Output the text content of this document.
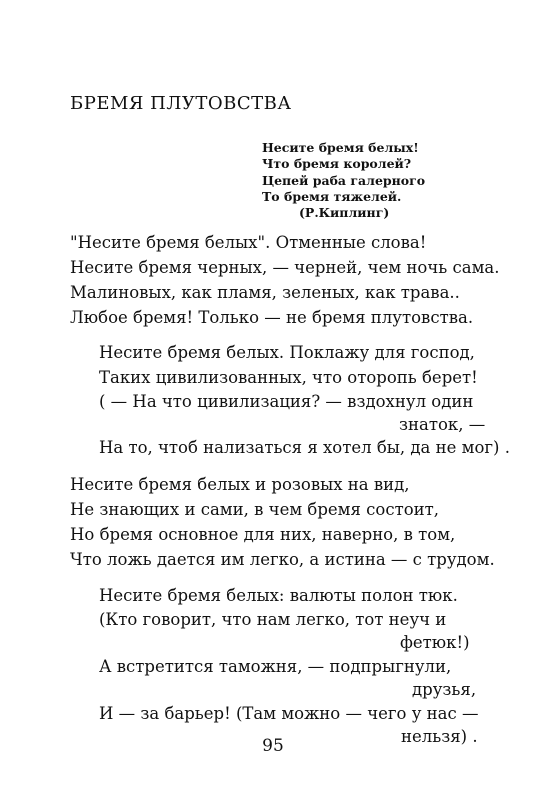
БРЕМЯ ПЛУТОВСТВА
Несите бремя белых!
Что бремя королей?
Цепей раба галерного
То бремя тяжелей.
(Р.Киплинг)
"Несите бремя белых". Отменные слова!
Несите бремя черных, — черней, чем ночь сама.
Малиновых, как пламя, зеленых, как трава..
Любое бремя! Только — не бремя плутовства.
Несите бремя белых. Поклажу для господ,
Таких цивилизованных, что оторопь берет!
( — На что цивилизация? — вздохнул один
знаток, —
На то, чтоб нализаться я хотел бы, да не мог) .
Несите бремя белых и розовых на вид,
Не знающих и сами, в чем бремя состоит,
Но бремя основное для них, наверно, в том,
Что ложь дается им легко, а истина — с трудом.
Несите бремя белых: валюты полон тюк.
(Кто говорит, что нам легко, тот неуч и
фетюк!)
А встретится таможня, — подпрыгнули,
друзья,
И — за барьер! (Там можно — чего у нас —
нельзя) .
95
